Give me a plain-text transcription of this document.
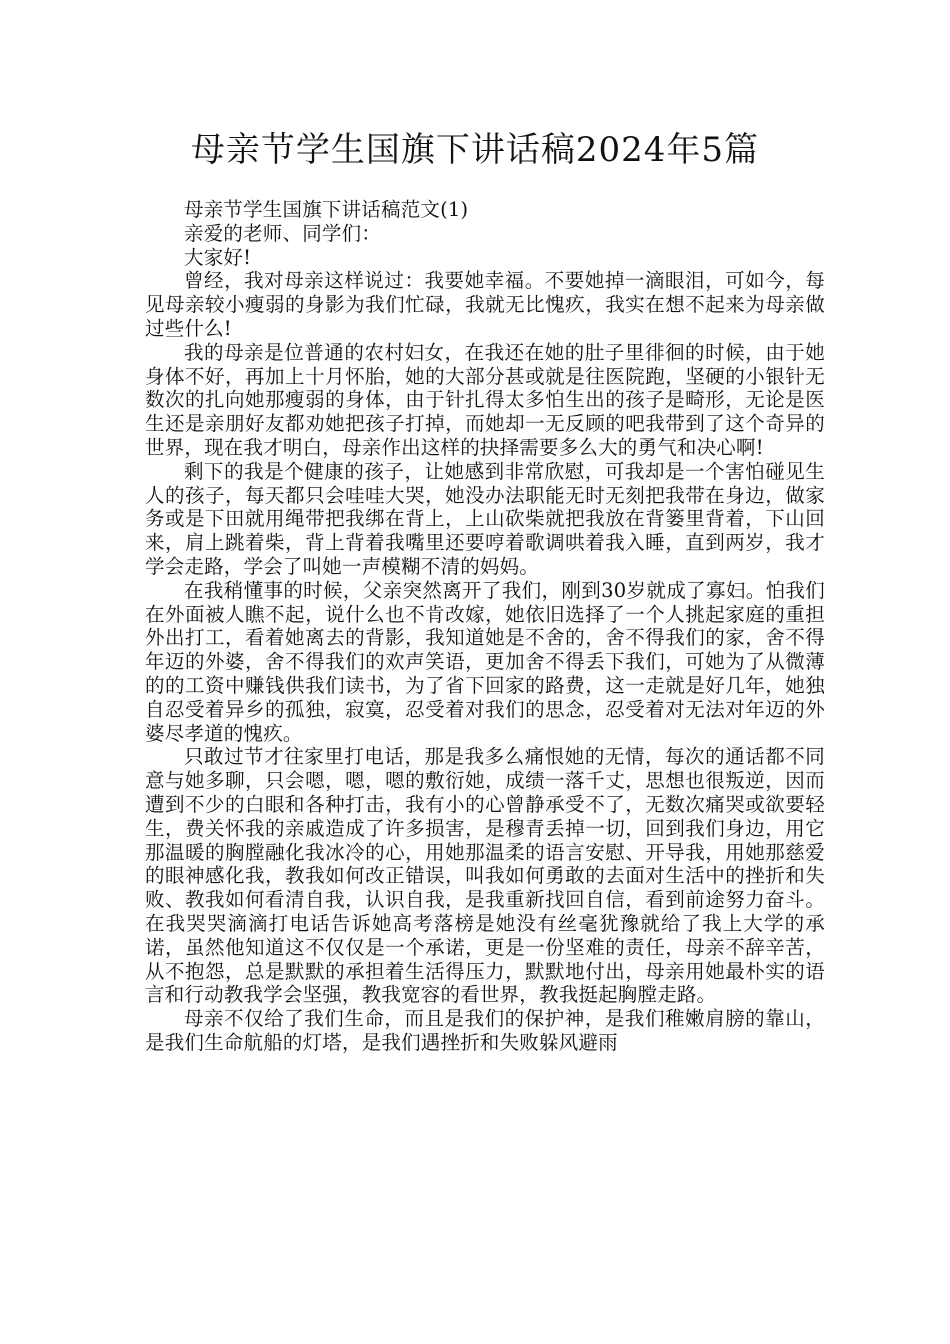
母亲节学生国旗下讲话稿2024年5篇

母亲节学生国旗下讲话稿范文(1)

亲爱的老师、同学们：

大家好!

曾经，我对母亲这样说过：我要她幸福。不要她掉一滴眼泪，可如今，每见母亲较小瘦弱的身影为我们忙碌，我就无比愧疚，我实在想不起来为母亲做过些什么!

我的母亲是位普通的农村妇女，在我还在她的肚子里徘徊的时候，由于她身体不好，再加上十月怀胎，她的大部分甚或就是往医院跑，坚硬的小银针无数次的扎向她那瘦弱的身体，由于针扎得太多怕生出的孩子是畸形，无论是医生还是亲朋好友都劝她把孩子打掉，而她却一无反顾的吧我带到了这个奇异的世界，现在我才明白，母亲作出这样的抉择需要多么大的勇气和决心啊!

剩下的我是个健康的孩子，让她感到非常欣慰，可我却是一个害怕碰见生人的孩子，每天都只会哇哇大哭，她没办法职能无时无刻把我带在身边，做家务或是下田就用绳带把我绑在背上，上山砍柴就把我放在背篓里背着，下山回来，肩上跳着柴，背上背着我嘴里还要哼着歌调哄着我入睡，直到两岁，我才学会走路，学会了叫她一声模糊不清的妈妈。

在我稍懂事的时候，父亲突然离开了我们，刚到30岁就成了寡妇。怕我们在外面被人瞧不起，说什么也不肯改嫁，她依旧选择了一个人挑起家庭的重担外出打工，看着她离去的背影，我知道她是不舍的，舍不得我们的家，舍不得年迈的外婆，舍不得我们的欢声笑语，更加舍不得丢下我们，可她为了从微薄的的工资中赚钱供我们读书，为了省下回家的路费，这一走就是好几年，她独自忍受着异乡的孤独，寂寞，忍受着对我们的思念，忍受着对无法对年迈的外婆尽孝道的愧疚。

只敢过节才往家里打电话，那是我多么痛恨她的无情，每次的通话都不同意与她多聊，只会嗯，嗯，嗯的敷衍她，成绩一落千丈，思想也很叛逆，因而遭到不少的白眼和各种打击，我有小的心曾静承受不了，无数次痛哭或欲要轻生，费关怀我的亲戚造成了许多损害，是穆青丢掉一切，回到我们身边，用它那温暖的胸膛融化我冰冷的心，用她那温柔的语言安慰、开导我，用她那慈爱的眼神感化我，教我如何改正错误，叫我如何勇敢的去面对生活中的挫折和失败、教我如何看清自我，认识自我，是我重新找回自信，看到前途努力奋斗。在我哭哭滴滴打电话告诉她高考落榜是她没有丝毫犹豫就给了我上大学的承诺，虽然他知道这不仅仅是一个承诺，更是一份坚难的责任，母亲不辞辛苦，从不抱怨，总是默默的承担着生活得压力，默默地付出，母亲用她最朴实的语言和行动教我学会坚强，教我宽容的看世界，教我挺起胸膛走路。

母亲不仅给了我们生命，而且是我们的保护神，是我们稚嫩肩膀的靠山，是我们生命航船的灯塔，是我们遇挫折和失败躲风避雨
